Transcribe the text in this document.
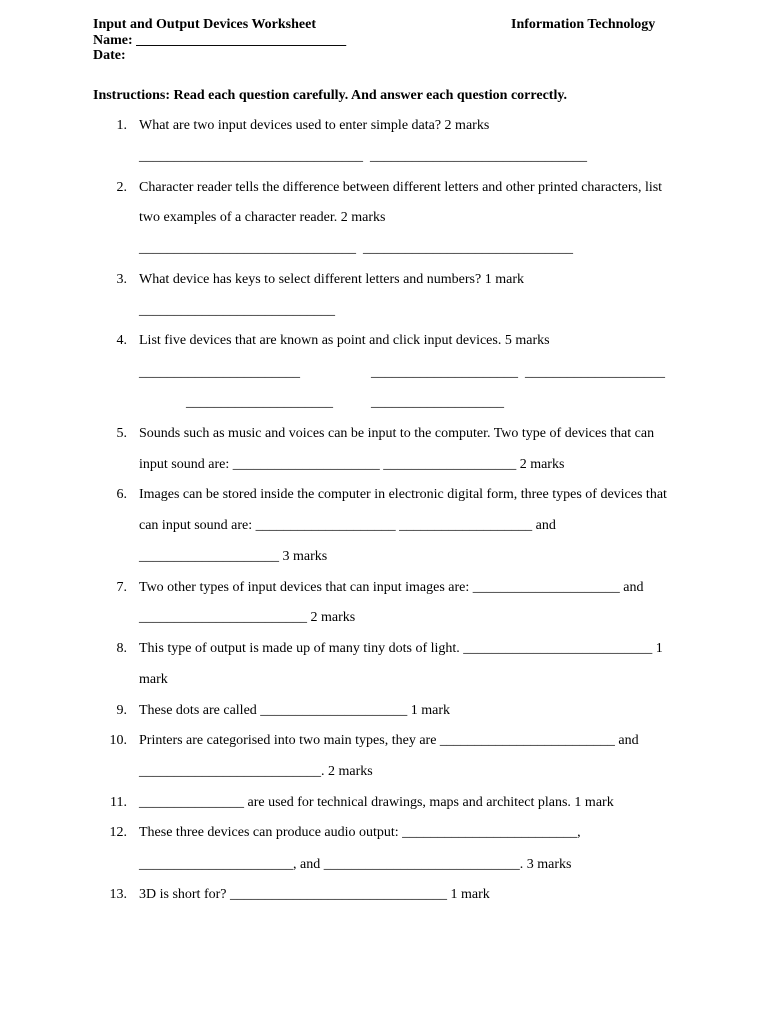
Input and Output Devices Worksheet	Information Technology
Name: ______________________________
Date:
Instructions: Read each question carefully. And answer each question correctly.
1. What are two input devices used to enter simple data? 2 marks
________________________________  _______________________________
2. Character reader tells the difference between different letters and other printed characters, list
two examples of a character reader. 2 marks
_______________________________  ______________________________
3. What device has keys to select different letters and numbers? 1 mark
____________________________
4. List five devices that are known as point and click input devices. 5 marks
_______________________	_____________________  ____________________
_____________________	___________________
5. Sounds such as music and voices can be input to the computer. Two type of devices that can
input sound are: _____________________ ___________________ 2 marks
6. Images can be stored inside the computer in electronic digital form, three types of devices that
can input sound are: ____________________ ___________________ and
____________________ 3 marks
7. Two other types of input devices that can input images are: _____________________ and
________________________ 2 marks
8. This type of output is made up of many tiny dots of light. ___________________________ 1
mark
9. These dots are called _____________________ 1 mark
10. Printers are categorised into two main types, they are _________________________ and
__________________________. 2 marks
11. _______________ are used for technical drawings, maps and architect plans. 1 mark
12. These three devices can produce audio output: _________________________,
______________________, and ____________________________. 3 marks
13. 3D is short for? _______________________________ 1 mark
